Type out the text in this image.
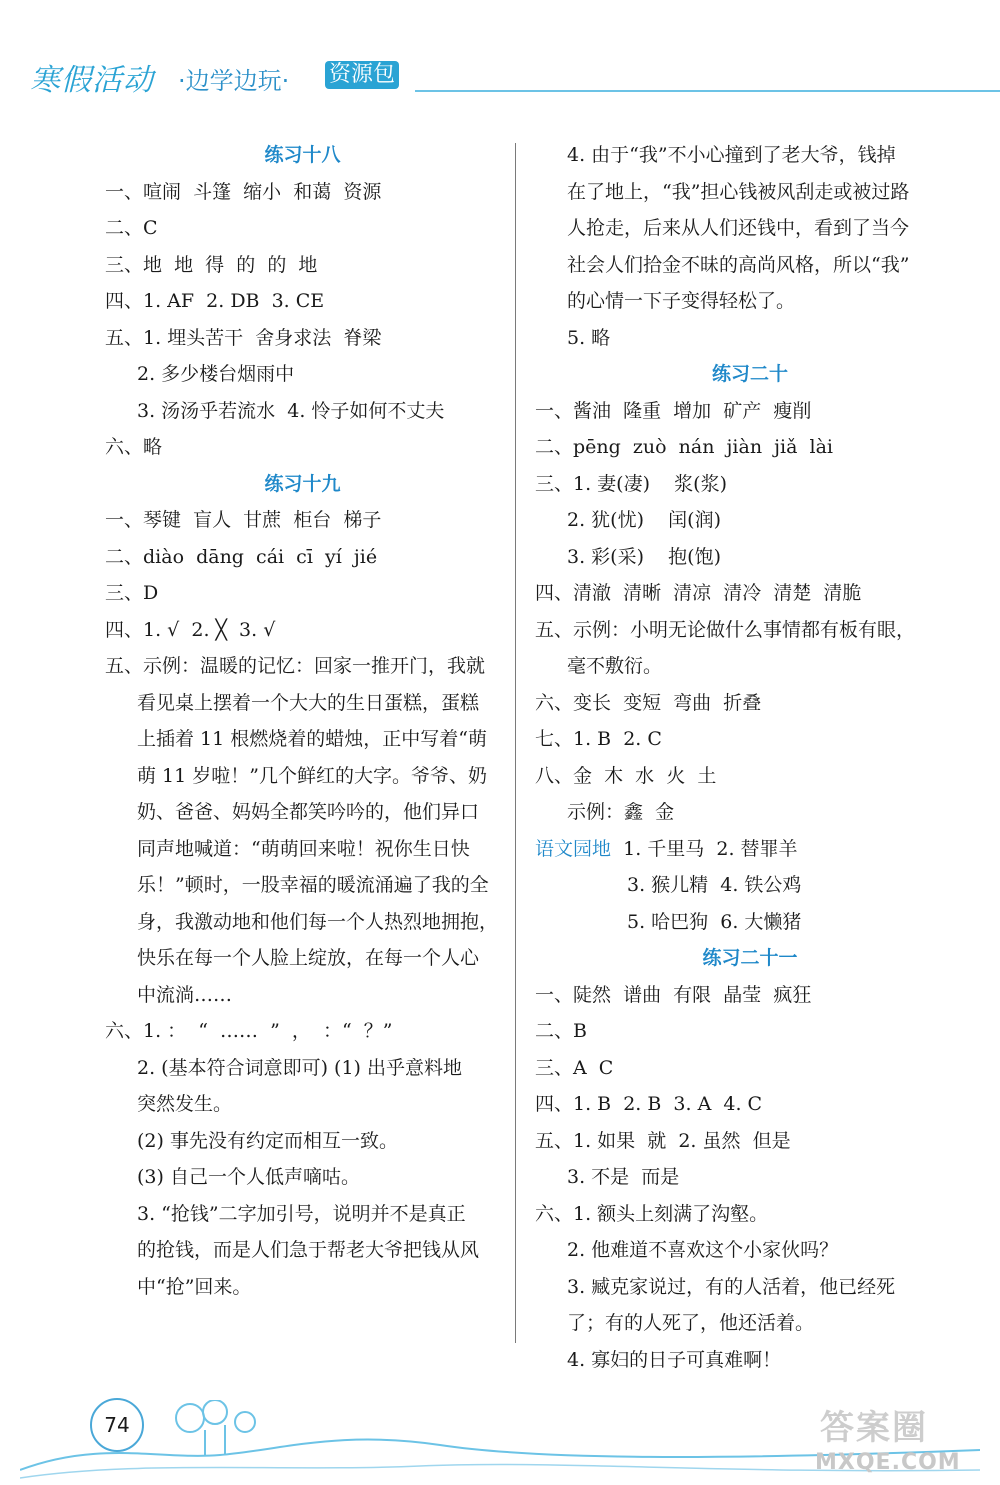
寒假活动 ·边学边玩· 资源包

练习十八

一、喧闹  斗篷  缩小  和蔼  资源

二、C

三、地  地  得  的  的  地

四、1. AF  2. DB  3. CE

五、1. 埋头苦干  舍身求法  脊梁

2. 多少楼台烟雨中

3. 汤汤乎若流水  4. 怜子如何不丈夫

六、略

练习十九

一、琴键  盲人  甘蔗  柜台  梯子

二、diào  dāng  cái  cī  yí  jié

三、D

四、1. √  2. ╳  3. √

五、示例：温暖的记忆：回家一推开门，我就

看见桌上摆着一个大大的生日蛋糕，蛋糕

上插着 11 根燃烧着的蜡烛，正中写着“萌

萌 11 岁啦！”几个鲜红的大字。爷爷、奶

奶、爸爸、妈妈全都笑吟吟的，他们异口

同声地喊道：“萌萌回来啦！祝你生日快

乐！”顿时，一股幸福的暖流涌遍了我的全

身，我激动地和他们每一个人热烈地拥抱，

快乐在每一个人脸上绽放，在每一个人心

中流淌……

六、1. ：  “  ……  ”  ，  ：“  ？”

2. (基本符合词意即可) (1) 出乎意料地

突然发生。

(2) 事先没有约定而相互一致。

(3) 自己一个人低声嘀咕。

3. “抢钱”二字加引号，说明并不是真正

的抢钱，而是人们急于帮老大爷把钱从风

中“抢”回来。

4. 由于“我”不小心撞到了老大爷，钱掉

在了地上，“我”担心钱被风刮走或被过路

人抢走，后来从人们还钱中，看到了当今

社会人们拾金不昧的高尚风格，所以“我”

的心情一下子变得轻松了。

5. 略

练习二十

一、酱油  隆重  增加  矿产  瘦削

二、pēng  zuò  nán  jiàn  jiǎ  lài

三、1. 妻(凄)    浆(浆)

2. 犹(忧)    闰(润)

3. 彩(采)    抱(饱)

四、清澈  清晰  清凉  清冷  清楚  清脆

五、示例：小明无论做什么事情都有板有眼，

毫不敷衍。

六、变长  变短  弯曲  折叠

七、1. B  2. C

八、金  木  水  火  土

示例：鑫  金

语文园地 1. 千里马  2. 替罪羊

3. 猴儿精  4. 铁公鸡

5. 哈巴狗  6. 大懒猪

练习二十一

一、陡然  谱曲  有限  晶莹  疯狂

二、B

三、A  C

四、1. B  2. B  3. A  4. C

五、1. 如果  就  2. 虽然  但是

3. 不是  而是

六、1. 额头上刻满了沟壑。

2. 他难道不喜欢这个小家伙吗？

3. 臧克家说过，有的人活着，他已经死

了；有的人死了，他还活着。

4. 寡妇的日子可真难啊！

74	答案圈
MXQE.COM
